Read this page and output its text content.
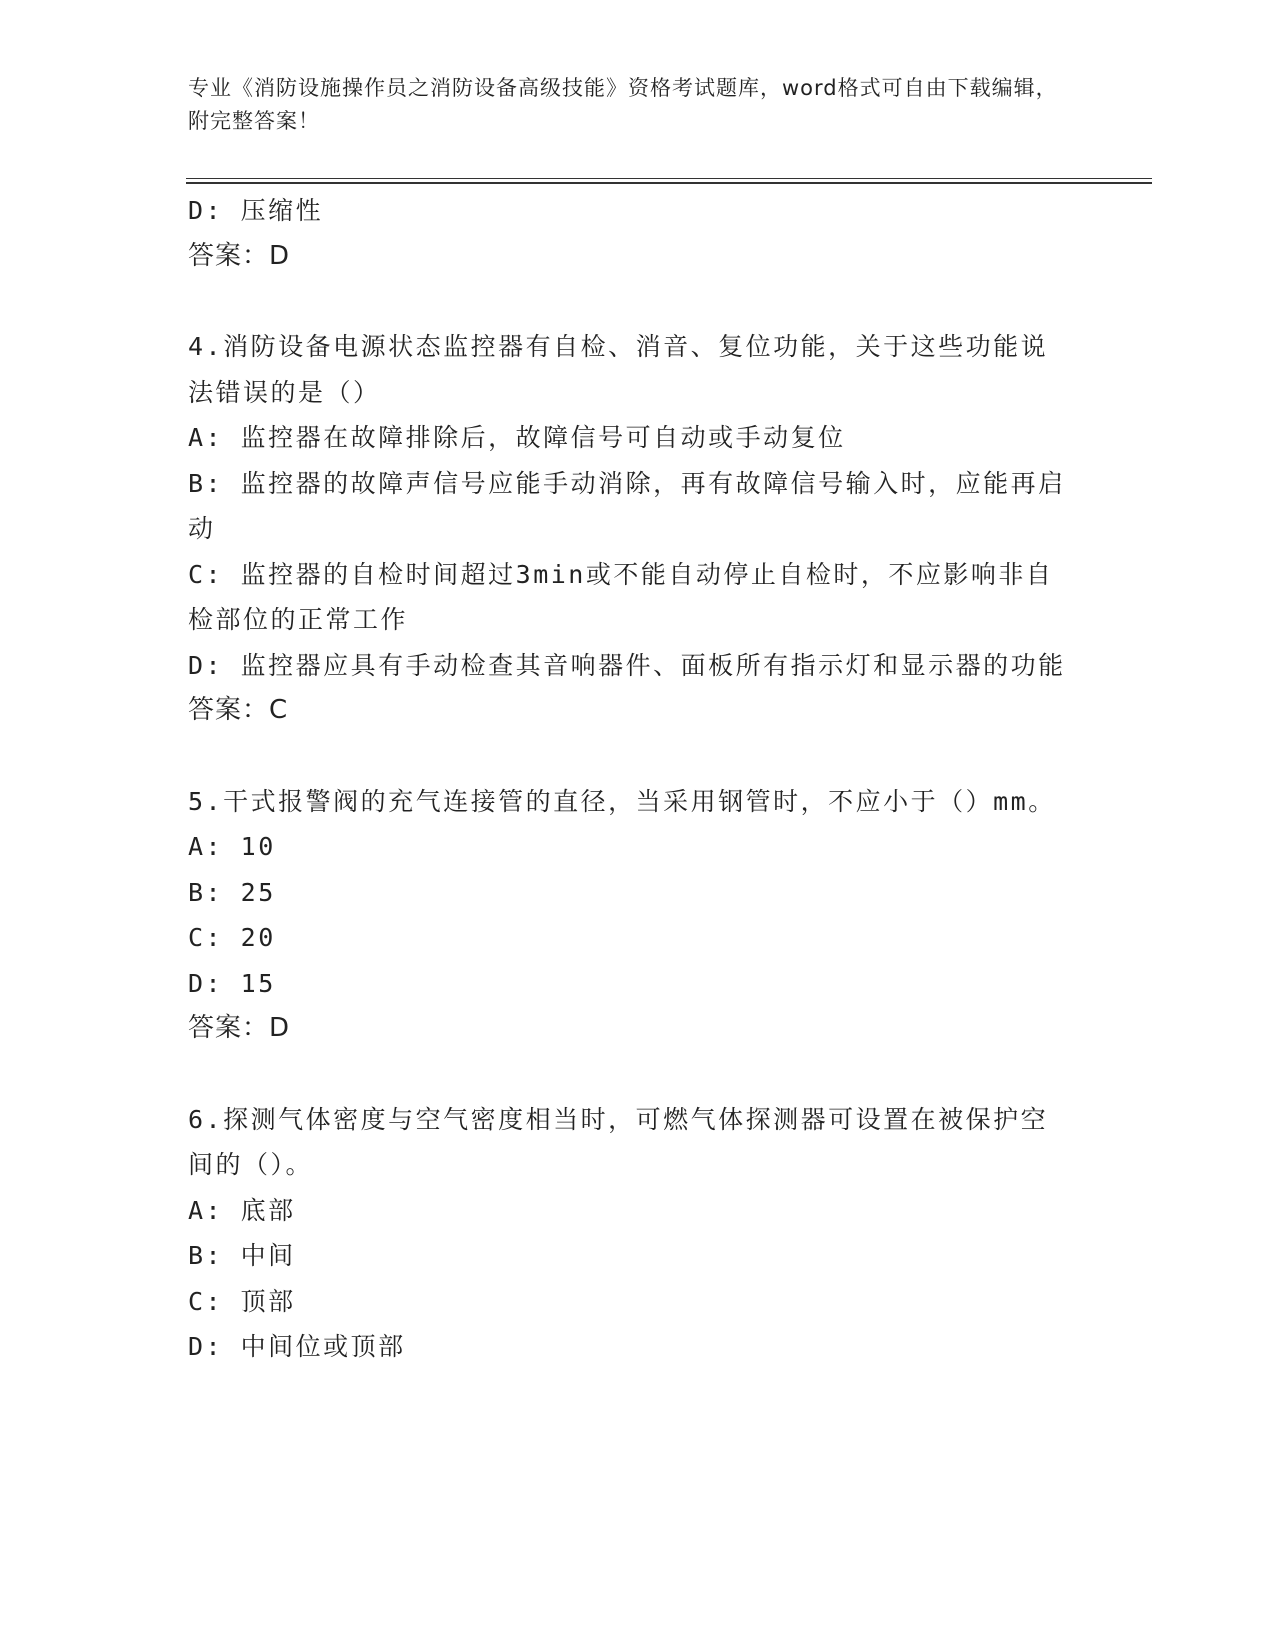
专业《消防设施操作员之消防设备高级技能》资格考试题库，word格式可自由下载编辑，附完整答案！
D: 压缩性
答案：D
4.消防设备电源状态监控器有自检、消音、复位功能，关于这些功能说法错误的是（）
A: 监控器在故障排除后，故障信号可自动或手动复位
B: 监控器的故障声信号应能手动消除，再有故障信号输入时，应能再启动
C: 监控器的自检时间超过3min或不能自动停止自检时，不应影响非自检部位的正常工作
D: 监控器应具有手动检查其音响器件、面板所有指示灯和显示器的功能
答案：C
5.干式报警阀的充气连接管的直径，当采用钢管时，不应小于（）mm。
A: 10
B: 25
C: 20
D: 15
答案：D
6.探测气体密度与空气密度相当时，可燃气体探测器可设置在被保护空间的（）。
A: 底部
B: 中间
C: 顶部
D: 中间位或顶部
